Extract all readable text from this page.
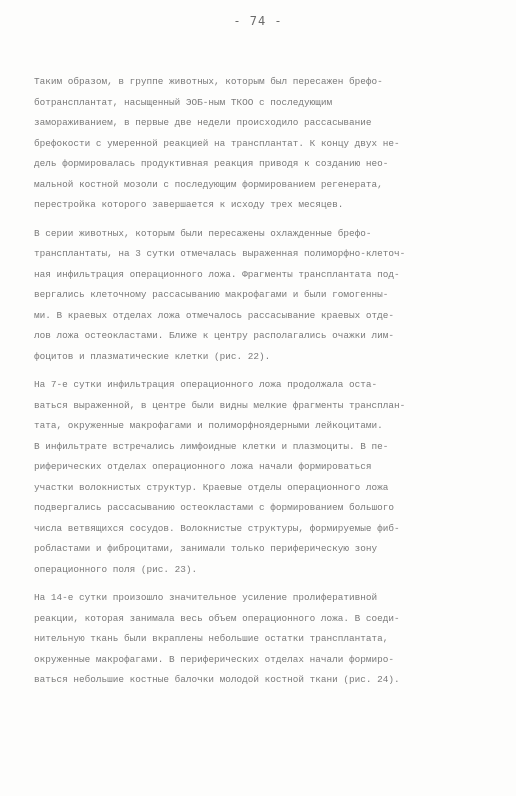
- 74 -

Таким образом, в группе животных, которым был пересажен брефо-
ботрансплантат, насыщенный ЭОБ-ным ТКОО с последующим
замораживанием, в первые две недели происходило рассасывание
брефокости с умеренной реакцией на трансплантат. К концу двух не-
дель формировалась продуктивная реакция приводя к созданию нео-
мальной костной мозоли с последующим формированием регенерата,
перестройка которого завершается к исходу трех месяцев.

В серии животных, которым были пересажены охлажденные брефо-
трансплантаты, на 3 сутки отмечалась выраженная полиморфно-клеточ-
ная инфильтрация операционного ложа. Фрагменты трансплантата под-
вергались клеточному рассасыванию макрофагами и были гомогенны-
ми. В краевых отделах ложа отмечалось рассасывание краевых отде-
лов ложа остеокластами. Ближе к центру располагались очажки лим-
фоцитов и плазматические клетки (рис. 22).

На 7-е сутки инфильтрация операционного ложа продолжала оста-
ваться выраженной, в центре были видны мелкие фрагменты трансплан-
тата, окруженные макрофагами и полиморфноядерными лейкоцитами.
В инфильтрате встречались лимфоидные клетки и плазмоциты. В пе-
риферических отделах операционного ложа начали формироваться
участки волокнистых структур. Краевые отделы операционного ложа
подвергались рассасыванию остеокластами с формированием большого
числа ветвящихся сосудов. Волокнистые структуры, формируемые фиб-
робластами и фиброцитами, занимали только периферическую зону
операционного поля (рис. 23).

На 14-е сутки произошло значительное усиление пролиферативной
реакции, которая занимала весь объем операционного ложа. В соеди-
нительную ткань были вкраплены небольшие остатки трансплантата,
окруженные макрофагами. В периферических отделах начали формиро-
ваться небольшие костные балочки молодой костной ткани (рис. 24).
